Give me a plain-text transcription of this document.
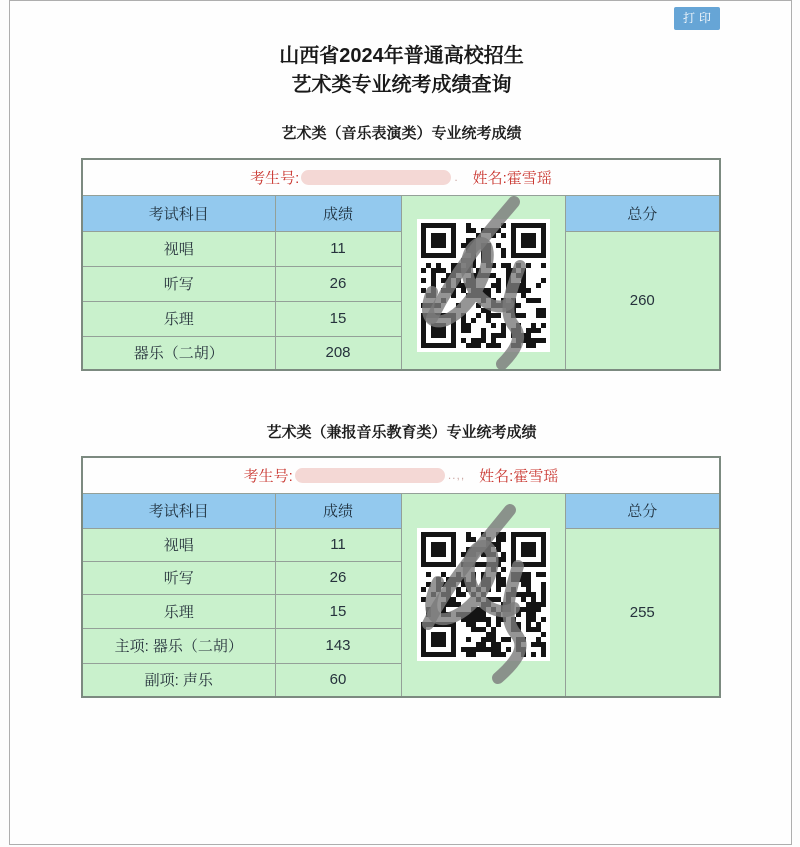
打印
山西省2024年普通高校招生
艺术类专业统考成绩查询
艺术类（音乐表演类）专业统考成绩
考生号: . 姓名: 霍雪瑶			

考试科目	成绩		总分
视唱	11		260
听写	26		
乐理	15		
器乐（二胡）	208		
艺术类（兼报音乐教育类）专业统考成绩
考生号: ..,, 姓名: 霍雪瑶			

考试科目	成绩		总分
视唱	11		255
听写	26		
乐理	15		
主项: 器乐（二胡）	143		
副项: 声乐	60		
